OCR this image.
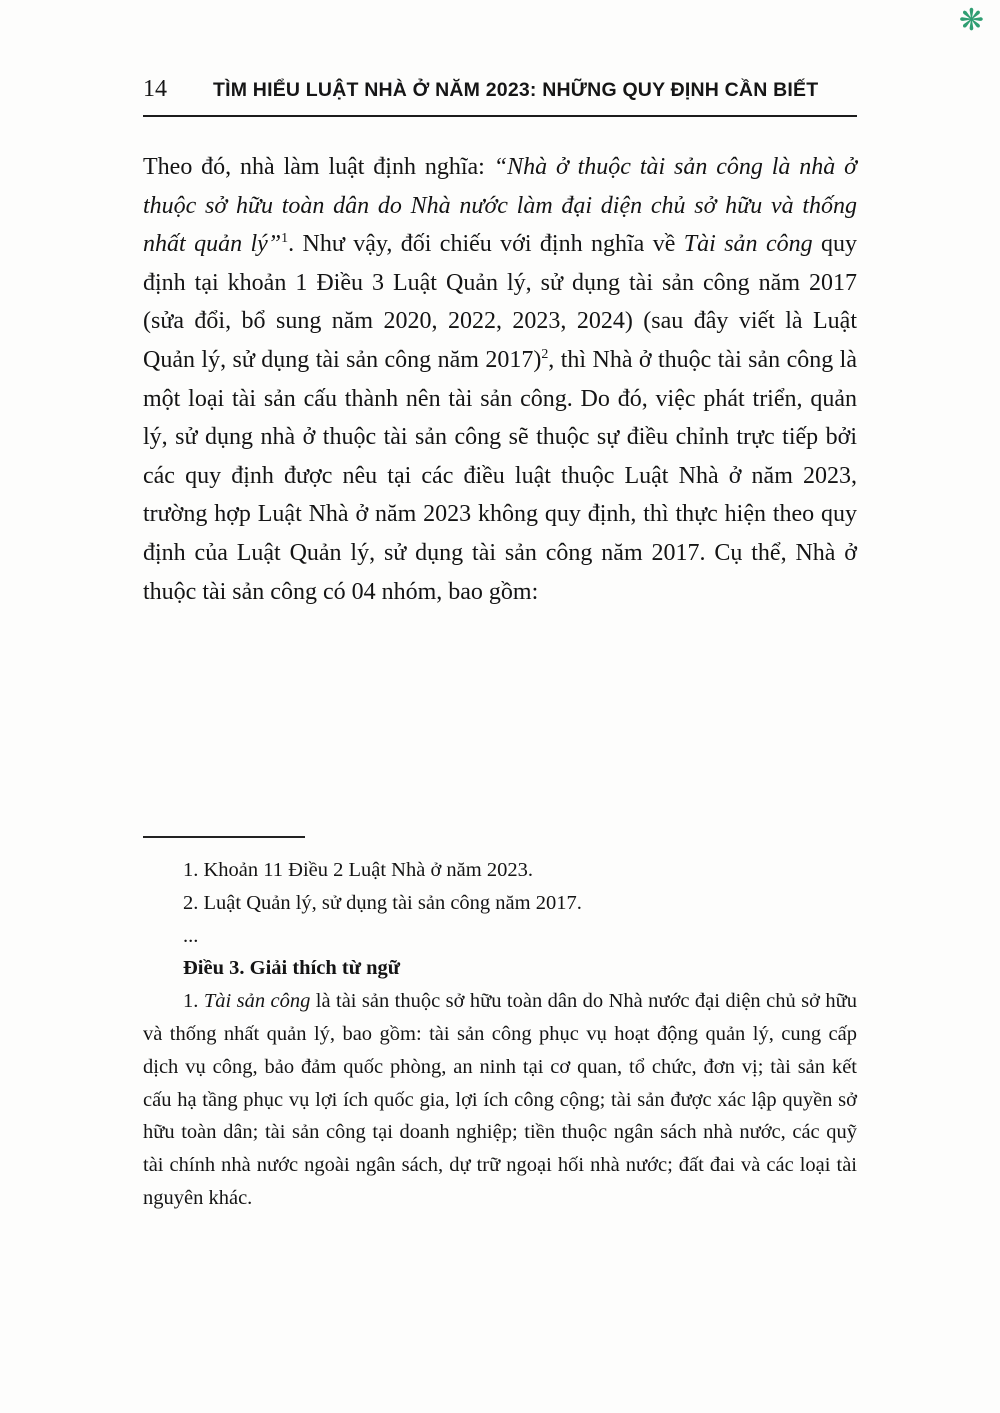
❋
14 TÌM HIỂU LUẬT NHÀ Ở NĂM 2023: NHỮNG QUY ĐỊNH CẦN BIẾT

Theo đó, nhà làm luật định nghĩa: “Nhà ở thuộc tài sản công là nhà ở thuộc sở hữu toàn dân do Nhà nước làm đại diện chủ sở hữu và thống nhất quản lý”$^1$. Như vậy, đối chiếu với định nghĩa về Tài sản công quy định tại khoản 1 Điều 3 Luật Quản lý, sử dụng tài sản công năm 2017 (sửa đổi, bổ sung năm 2020, 2022, 2023, 2024) (sau đây viết là Luật Quản lý, sử dụng tài sản công năm 2017)$^2$, thì Nhà ở thuộc tài sản công là một loại tài sản cấu thành nên tài sản công. Do đó, việc phát triển, quản lý, sử dụng nhà ở thuộc tài sản công sẽ thuộc sự điều chỉnh trực tiếp bởi các quy định được nêu tại các điều luật thuộc Luật Nhà ở năm 2023, trường hợp Luật Nhà ở năm 2023 không quy định, thì thực hiện theo quy định của Luật Quản lý, sử dụng tài sản công năm 2017. Cụ thể, Nhà ở thuộc tài sản công có 04 nhóm, bao gồm:

1. Khoản 11 Điều 2 Luật Nhà ở năm 2023.

2. Luật Quản lý, sử dụng tài sản công năm 2017.

...

Điều 3. Giải thích từ ngữ

1. Tài sản công là tài sản thuộc sở hữu toàn dân do Nhà nước đại diện chủ sở hữu và thống nhất quản lý, bao gồm: tài sản công phục vụ hoạt động quản lý, cung cấp dịch vụ công, bảo đảm quốc phòng, an ninh tại cơ quan, tổ chức, đơn vị; tài sản kết cấu hạ tầng phục vụ lợi ích quốc gia, lợi ích công cộng; tài sản được xác lập quyền sở hữu toàn dân; tài sản công tại doanh nghiệp; tiền thuộc ngân sách nhà nước, các quỹ tài chính nhà nước ngoài ngân sách, dự trữ ngoại hối nhà nước; đất đai và các loại tài nguyên khác.
